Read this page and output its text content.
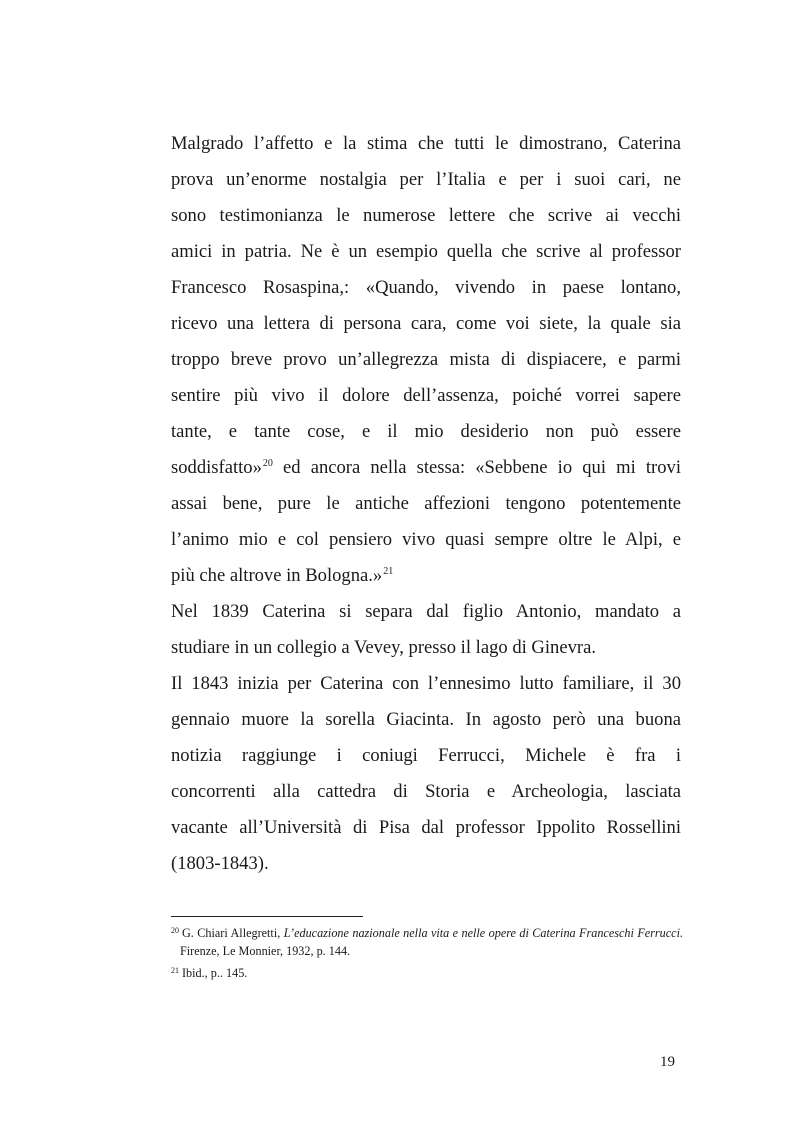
Malgrado l’affetto e la stima che tutti le dimostrano, Caterina
prova un’enorme nostalgia per l’Italia e per i suoi cari, ne
sono testimonianza le numerose lettere che scrive ai vecchi
amici in patria. Ne è un esempio quella che scrive al professor
Francesco Rosaspina,: «Quando, vivendo in paese lontano,
ricevo una lettera di persona cara, come voi siete, la quale sia
troppo breve provo un’allegrezza mista di dispiacere, e parmi
sentire più vivo il dolore dell’assenza, poiché vorrei sapere
tante, e tante cose, e il mio desiderio non può essere
soddisfatto»$^{20}$ ed ancora nella stessa: «Sebbene io qui mi trovi
assai bene, pure le antiche affezioni tengono potentemente
l’animo mio e col pensiero vivo quasi sempre oltre le Alpi, e
più che altrove in Bologna.»$^{21}$
Nel 1839 Caterina si separa dal figlio Antonio, mandato a
studiare in un collegio a Vevey, presso il lago di Ginevra.
Il 1843 inizia per Caterina con l’ennesimo lutto familiare, il 30
gennaio muore la sorella Giacinta. In agosto però una buona
notizia raggiunge i coniugi Ferrucci, Michele è fra i
concorrenti alla cattedra di Storia e Archeologia, lasciata
vacante all’Università di Pisa dal professor Ippolito Rossellini
(1803-1843).
$^{20}$ G. Chiari Allegretti, L’educazione nazionale nella vita e nelle opere di Caterina Franceschi Ferrucci.
Firenze, Le Monnier, 1932, p. 144.
$^{21}$ Ibid., p.. 145.
19
